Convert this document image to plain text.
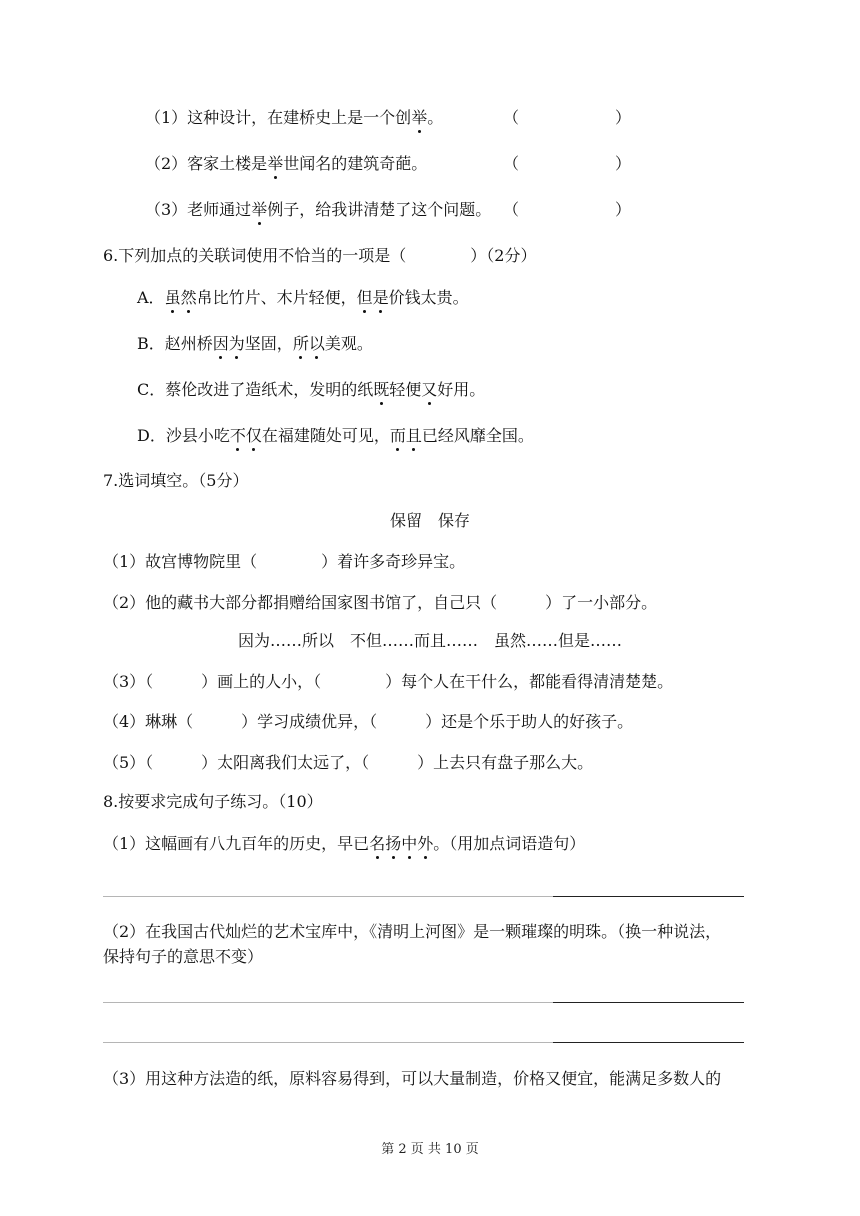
（1）这种设计，在建桥史上是一个创举。	（　　　　　　）
（2）客家土楼是举世闻名的建筑奇葩。	（　　　　　　）
（3）老师通过举例子，给我讲清楚了这个问题。 （　　　　　　）
6.下列加点的关联词使用不恰当的一项是（　　　　）（2分）
A．虽然帛比竹片、木片轻便，但是价钱太贵。
B．赵州桥因为坚固，所以美观。
C．蔡伦改进了造纸术，发明的纸既轻便又好用。
D．沙县小吃不仅在福建随处可见，而且已经风靡全国。
7.选词填空。（5分）
保留　保存
（1）故宫博物院里（　　　　）着许多奇珍异宝。
（2）他的藏书大部分都捐赠给国家图书馆了，自己只（　　　）了一小部分。
因为……所以　不但……而且……　虽然……但是……
（3）（　　　）画上的人小，（　　　　）每个人在干什么，都能看得清清楚楚。
（4）琳琳（　　　）学习成绩优异，（　　　）还是个乐于助人的好孩子。
（5）（　　　）太阳离我们太远了，（　　　）上去只有盘子那么大。
8.按要求完成句子练习。（10）
（1）这幅画有八九百年的历史，早已名扬中外。（用加点词语造句）
（2）在我国古代灿烂的艺术宝库中，《清明上河图》是一颗璀璨的明珠。（换一种说法，
保持句子的意思不变）
（3）用这种方法造的纸，原料容易得到，可以大量制造，价格又便宜，能满足多数人的
第 2 页 共 10 页
